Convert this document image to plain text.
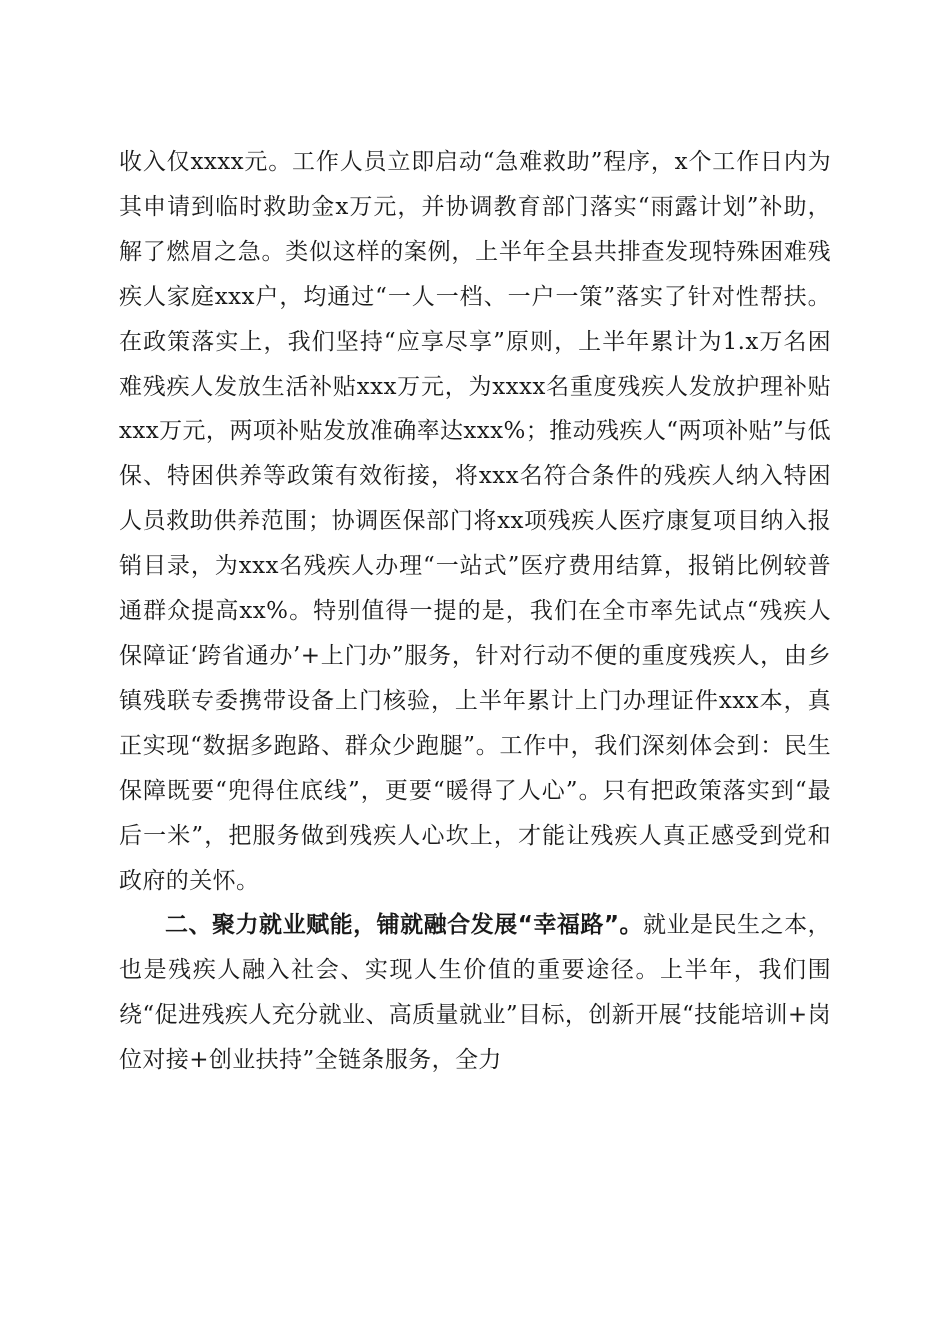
收入仅xxxx元。工作人员立即启动“急难救助”程序，x个工作日内为其申请到临时救助金x万元，并协调教育部门落实“雨露计划”补助，解了燃眉之急。类似这样的案例，上半年全县共排查发现特殊困难残疾人家庭xxx户，均通过“一人一档、一户一策”落实了针对性帮扶。在政策落实上，我们坚持“应享尽享”原则，上半年累计为1.x万名困难残疾人发放生活补贴xxx万元，为xxxx名重度残疾人发放护理补贴xxx万元，两项补贴发放准确率达xxx%；推动残疾人“两项补贴”与低保、特困供养等政策有效衔接，将xxx名符合条件的残疾人纳入特困人员救助供养范围；协调医保部门将xx项残疾人医疗康复项目纳入报销目录，为xxx名残疾人办理“一站式”医疗费用结算，报销比例较普通群众提高xx%。特别值得一提的是，我们在全市率先试点“残疾人保障证‘跨省通办’+上门办”服务，针对行动不便的重度残疾人，由乡镇残联专委携带设备上门核验，上半年累计上门办理证件xxx本，真正实现“数据多跑路、群众少跑腿”。工作中，我们深刻体会到：民生保障既要“兜得住底线”，更要“暖得了人心”。只有把政策落实到“最后一米”，把服务做到残疾人心坎上，才能让残疾人真正感受到党和政府的关怀。

二、聚力就业赋能，铺就融合发展“幸福路”。就业是民生之本，也是残疾人融入社会、实现人生价值的重要途径。上半年，我们围绕“促进残疾人充分就业、高质量就业”目标，创新开展“技能培训+岗位对接+创业扶持”全链条服务，全力
